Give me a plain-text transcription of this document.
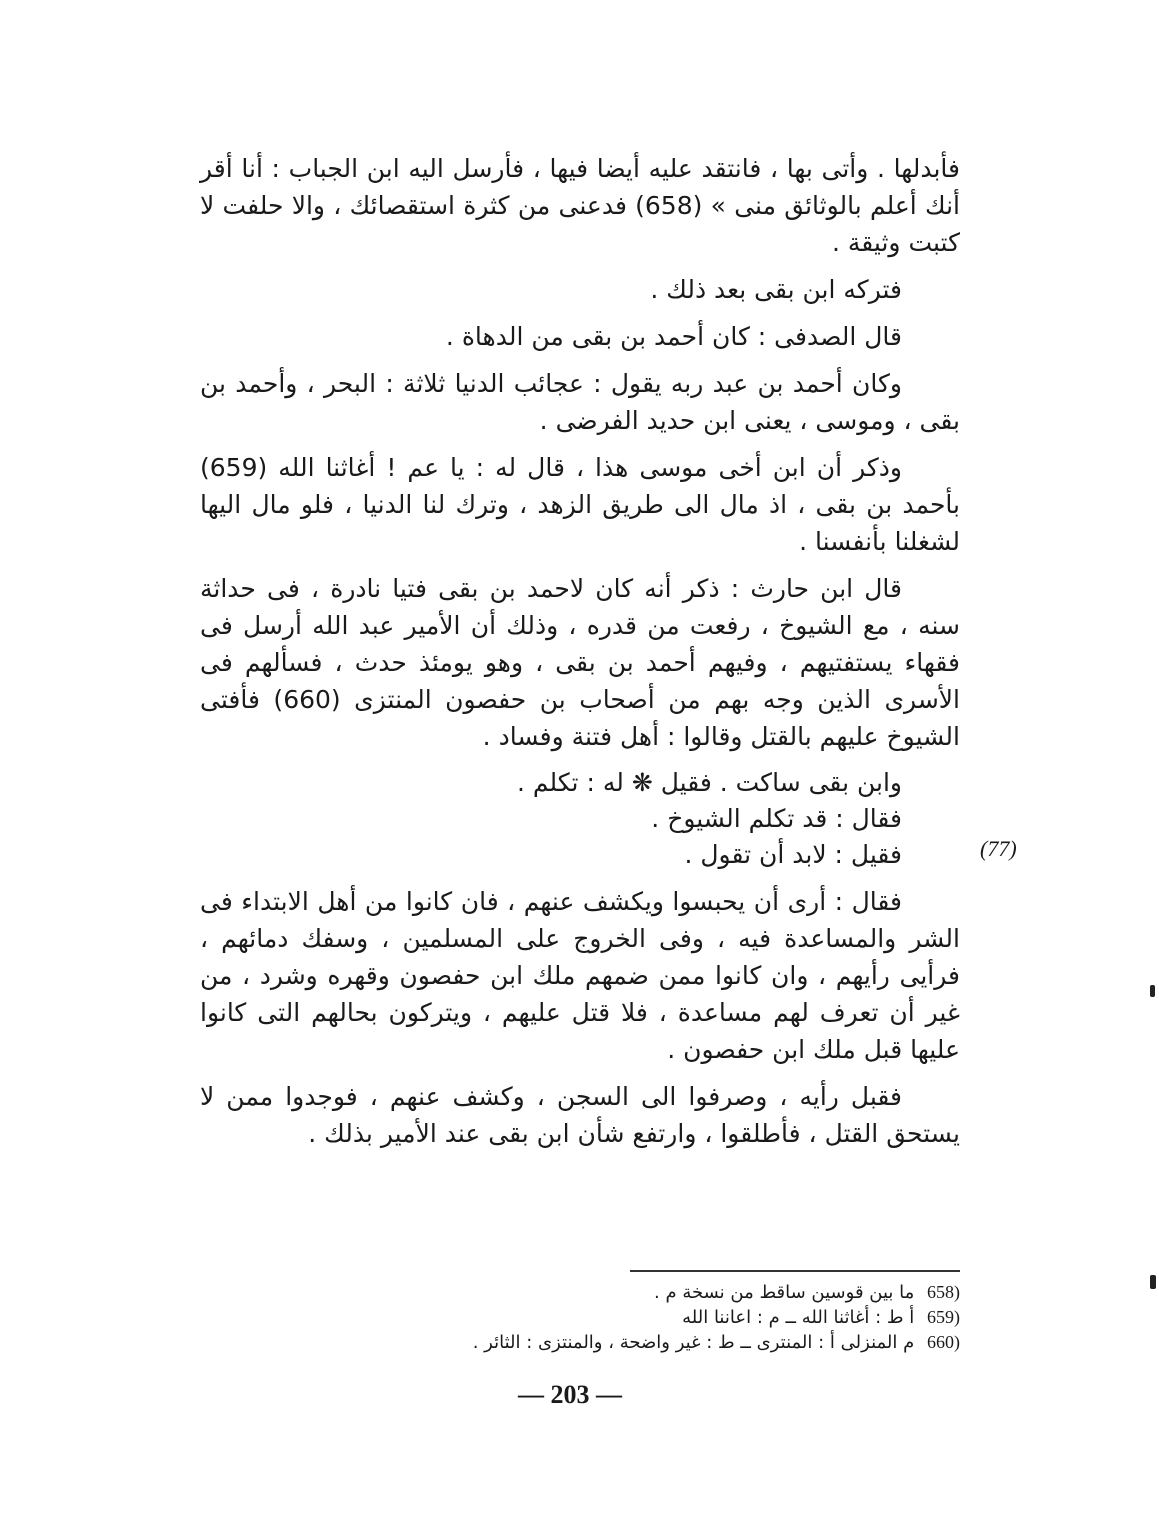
فأبدلها . وأتى بها ، فانتقد عليه أيضا فيها ، فأرسل اليه ابن الجباب : أنا أقر أنك أعلم بالوثائق منى » (658) فدعنى من كثرة استقصائك ، والا حلفت لا كتبت وثيقة .

فتركه ابن بقى بعد ذلك .

قال الصدفى : كان أحمد بن بقى من الدهاة .

وكان أحمد بن عبد ربه يقول : عجائب الدنيا ثلاثة : البحر ، وأحمد بن بقى ، وموسى ، يعنى ابن حديد الفرضى .

وذكر أن ابن أخى موسى هذا ، قال له : يا عم ! أغاثنا الله (659) بأحمد بن بقى ، اذ مال الى طريق الزهد ، وترك لنا الدنيا ، فلو مال اليها لشغلنا بأنفسنا .

قال ابن حارث : ذكر أنه كان لاحمد بن بقى فتيا نادرة ، فى حداثة سنه ، مع الشيوخ ، رفعت من قدره ، وذلك أن الأمير عبد الله أرسل فى فقهاء يستفتيهم ، وفيهم أحمد بن بقى ، وهو يومئذ حدث ، فسألهم فى الأسرى الذين وجه بهم من أصحاب بن حفصون المنتزى (660) فأفتى الشيوخ عليهم بالقتل وقالوا : أهل فتنة وفساد .

وابن بقى ساكت . فقيل ❋ له : تكلم .
فقال : قد تكلم الشيوخ .
فقيل : لابد أن تقول .

فقال : أرى أن يحبسوا ويكشف عنهم ، فان كانوا من أهل الابتداء فى الشر والمساعدة فيه ، وفى الخروج على المسلمين ، وسفك دمائهم ، فرأيى رأيهم ، وان كانوا ممن ضمهم ملك ابن حفصون وقهره وشرد ، من غير أن تعرف لهم مساعدة ، فلا قتل عليهم ، ويتركون بحالهم التى كانوا عليها قبل ملك ابن حفصون .

فقبل رأيه ، وصرفوا الى السجن ، وكشف عنهم ، فوجدوا ممن لا يستحق القتل ، فأطلقوا ، وارتفع شأن ابن بقى عند الأمير بذلك .

(77)

(658 ما بين قوسين ساقط من نسخة م .

(659 أ ط : أغاثنا الله ــ م : اعاننا الله

(660 م المنزلى أ : المنترى ــ ط : غير واضحة ، والمنتزى : الثائر .

— 203 —
